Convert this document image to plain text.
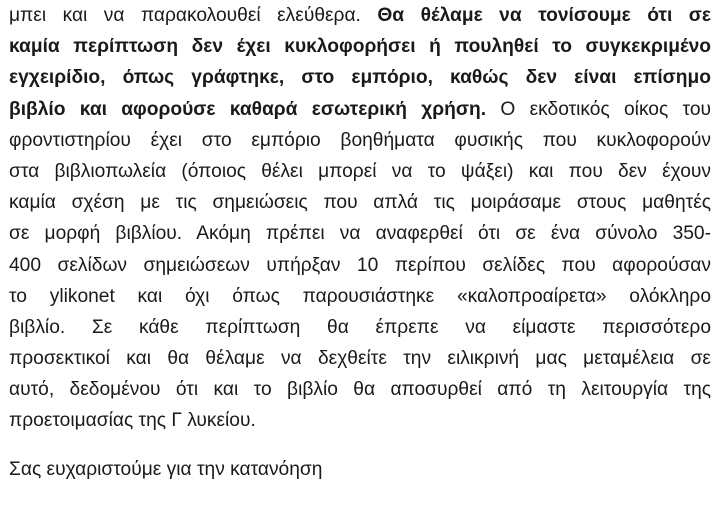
μπει και να παρακολουθεί ελεύθερα. Θα θέλαμε να τονίσουμε ότι σε
καμία περίπτωση δεν έχει κυκλοφορήσει ή πουληθεί το συγκεκριμένο
εγχειρίδιο, όπως γράφτηκε, στο εμπόριο, καθώς δεν είναι επίσημο
βιβλίο και αφορούσε καθαρά εσωτερική χρήση. Ο εκδοτικός οίκος του
φροντιστηρίου έχει στο εμπόριο βοηθήματα φυσικής που κυκλοφορούν
στα βιβλιοπωλεία (όποιος θέλει μπορεί να το ψάξει) και που δεν έχουν
καμία σχέση με τις σημειώσεις που απλά τις μοιράσαμε στους μαθητές
σε μορφή βιβλίου. Ακόμη πρέπει να αναφερθεί ότι σε ένα σύνολο 350-
400 σελίδων σημειώσεων υπήρξαν 10 περίπου σελίδες που αφορούσαν
το ylikonet και όχι όπως παρουσιάστηκε «καλοπροαίρετα» ολόκληρο
βιβλίο. Σε κάθε περίπτωση θα έπρεπε να είμαστε περισσότερο
προσεκτικοί και θα θέλαμε να δεχθείτε την ειλικρινή μας μεταμέλεια σε
αυτό, δεδομένου ότι και το βιβλίο θα αποσυρθεί από τη λειτουργία της
προετοιμασίας της Γ λυκείου.
Σας ευχαριστούμε για την κατανόηση
